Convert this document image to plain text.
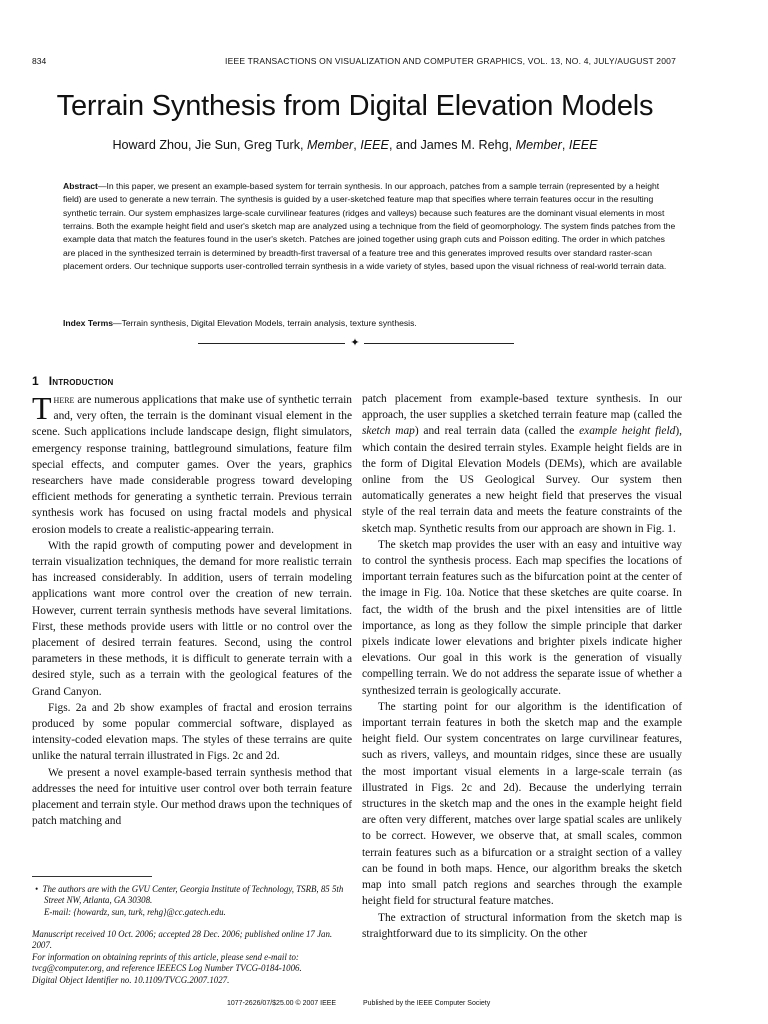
834	IEEE TRANSACTIONS ON VISUALIZATION AND COMPUTER GRAPHICS, VOL. 13, NO. 4, JULY/AUGUST 2007
Terrain Synthesis from Digital Elevation Models
Howard Zhou, Jie Sun, Greg Turk, Member, IEEE, and James M. Rehg, Member, IEEE

Abstract—In this paper, we present an example-based system for terrain synthesis. In our approach, patches from a sample terrain (represented by a height field) are used to generate a new terrain. The synthesis is guided by a user-sketched feature map that specifies where terrain features occur in the resulting synthetic terrain. Our system emphasizes large-scale curvilinear features (ridges and valleys) because such features are the dominant visual elements in most terrains. Both the example height field and user's sketch map are analyzed using a technique from the field of geomorphology. The system finds patches from the example data that match the features found in the user's sketch. Patches are joined together using graph cuts and Poisson editing. The order in which patches are placed in the synthesized terrain is determined by breadth-first traversal of a feature tree and this generates improved results over standard raster-scan placement orders. Our technique supports user-controlled terrain synthesis in a wide variety of styles, based upon the visual richness of real-world terrain data.

Index Terms—Terrain synthesis, Digital Elevation Models, terrain analysis, texture synthesis.

✦
1 Introduction

There are numerous applications that make use of synthetic terrain and, very often, the terrain is the dominant visual element in the scene. Such applications include landscape design, flight simulators, emergency response training, battleground simulations, feature film special effects, and computer games. Over the years, graphics researchers have made considerable progress toward developing efficient methods for generating a synthetic terrain. Previous terrain synthesis work has focused on using fractal models and physical erosion models to create a realistic-appearing terrain.

With the rapid growth of computing power and development in terrain visualization techniques, the demand for more realistic terrain has increased considerably. In addition, users of terrain modeling applications want more control over the creation of new terrain. However, current terrain synthesis methods have several limitations. First, these methods provide users with little or no control over the placement of desired terrain features. Second, using the control parameters in these methods, it is difficult to generate terrain with a desired style, such as a terrain with the geological features of the Grand Canyon.

Figs. 2a and 2b show examples of fractal and erosion terrains produced by some popular commercial software, displayed as intensity-coded elevation maps. The styles of these terrains are quite unlike the natural terrain illustrated in Figs. 2c and 2d.

We present a novel example-based terrain synthesis method that addresses the need for intuitive user control over both terrain feature placement and terrain style. Our method draws upon the techniques of patch matching and

• The authors are with the GVU Center, Georgia Institute of Technology, TSRB, 85 5th Street NW, Atlanta, GA 30308.
E-mail: {howardz, sun, turk, rehg}@cc.gatech.edu.

Manuscript received 10 Oct. 2006; accepted 28 Dec. 2006; published online 17 Jan. 2007.
For information on obtaining reprints of this article, please send e-mail to: tvcg@computer.org, and reference IEEECS Log Number TVCG-0184-1006.
Digital Object Identifier no. 10.1109/TVCG.2007.1027.

patch placement from example-based texture synthesis. In our approach, the user supplies a sketched terrain feature map (called the sketch map) and real terrain data (called the example height field), which contain the desired terrain styles. Example height fields are in the form of Digital Elevation Models (DEMs), which are available online from the US Geological Survey. Our system then automatically generates a new height field that preserves the visual style of the real terrain data and meets the feature constraints of the sketch map. Synthetic results from our approach are shown in Fig. 1.

The sketch map provides the user with an easy and intuitive way to control the synthesis process. Each map specifies the locations of important terrain features such as the bifurcation point at the center of the image in Fig. 10a. Notice that these sketches are quite coarse. In fact, the width of the brush and the pixel intensities are of little importance, as long as they follow the simple principle that darker pixels indicate lower elevations and brighter pixels indicate higher elevations. Our goal in this work is the generation of visually compelling terrain. We do not address the separate issue of whether a synthesized terrain is geologically accurate.

The starting point for our algorithm is the identification of important terrain features in both the sketch map and the example height field. Our system concentrates on large curvilinear features, such as rivers, valleys, and mountain ridges, since these are usually the most important visual elements in a large-scale terrain (as illustrated in Figs. 2c and 2d). Because the underlying terrain structures in the sketch map and the ones in the example height field are often very different, matches over large spatial scales are unlikely to be correct. However, we observe that, at small scales, common terrain features such as a bifurcation or a straight section of a valley can be found in both maps. Hence, our algorithm breaks the sketch map into small patch regions and searches through the example height field for structural feature matches.

The extraction of structural information from the sketch map is straightforward due to its simplicity. On the other

1077-2626/07/$25.00 © 2007 IEEE	Published by the IEEE Computer Society
